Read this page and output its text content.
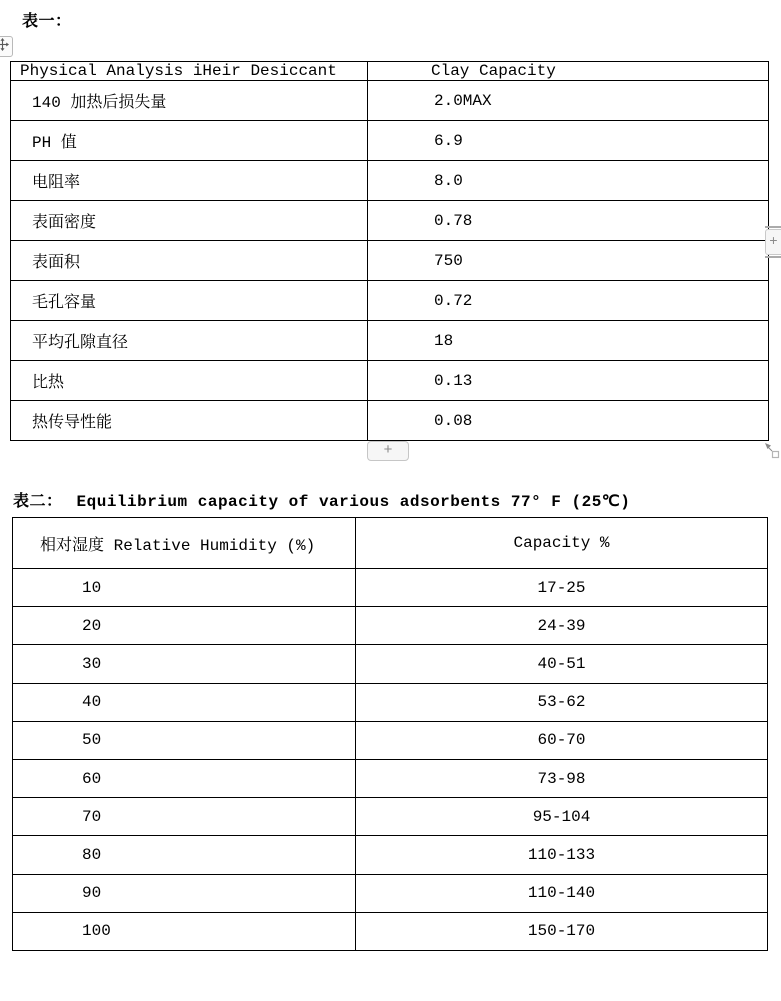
表一：
Physical Analysis iHeir Desiccant	Clay Capacity
140 加热后损失量	2.0MAX
PH 值	6.9
电阻率	8.0
表面密度	0.78
表面积	750
毛孔容量	0.72
平均孔隙直径	18
比热	0.13
热传导性能	0.08
+
+
表二： Equilibrium capacity of various adsorbents 77° F (25℃)
相对湿度 Relative Humidity (%)	Capacity %
10	17-25
20	24-39
30	40-51
40	53-62
50	60-70
60	73-98
70	95-104
80	110-133
90	110-140
100	150-170
